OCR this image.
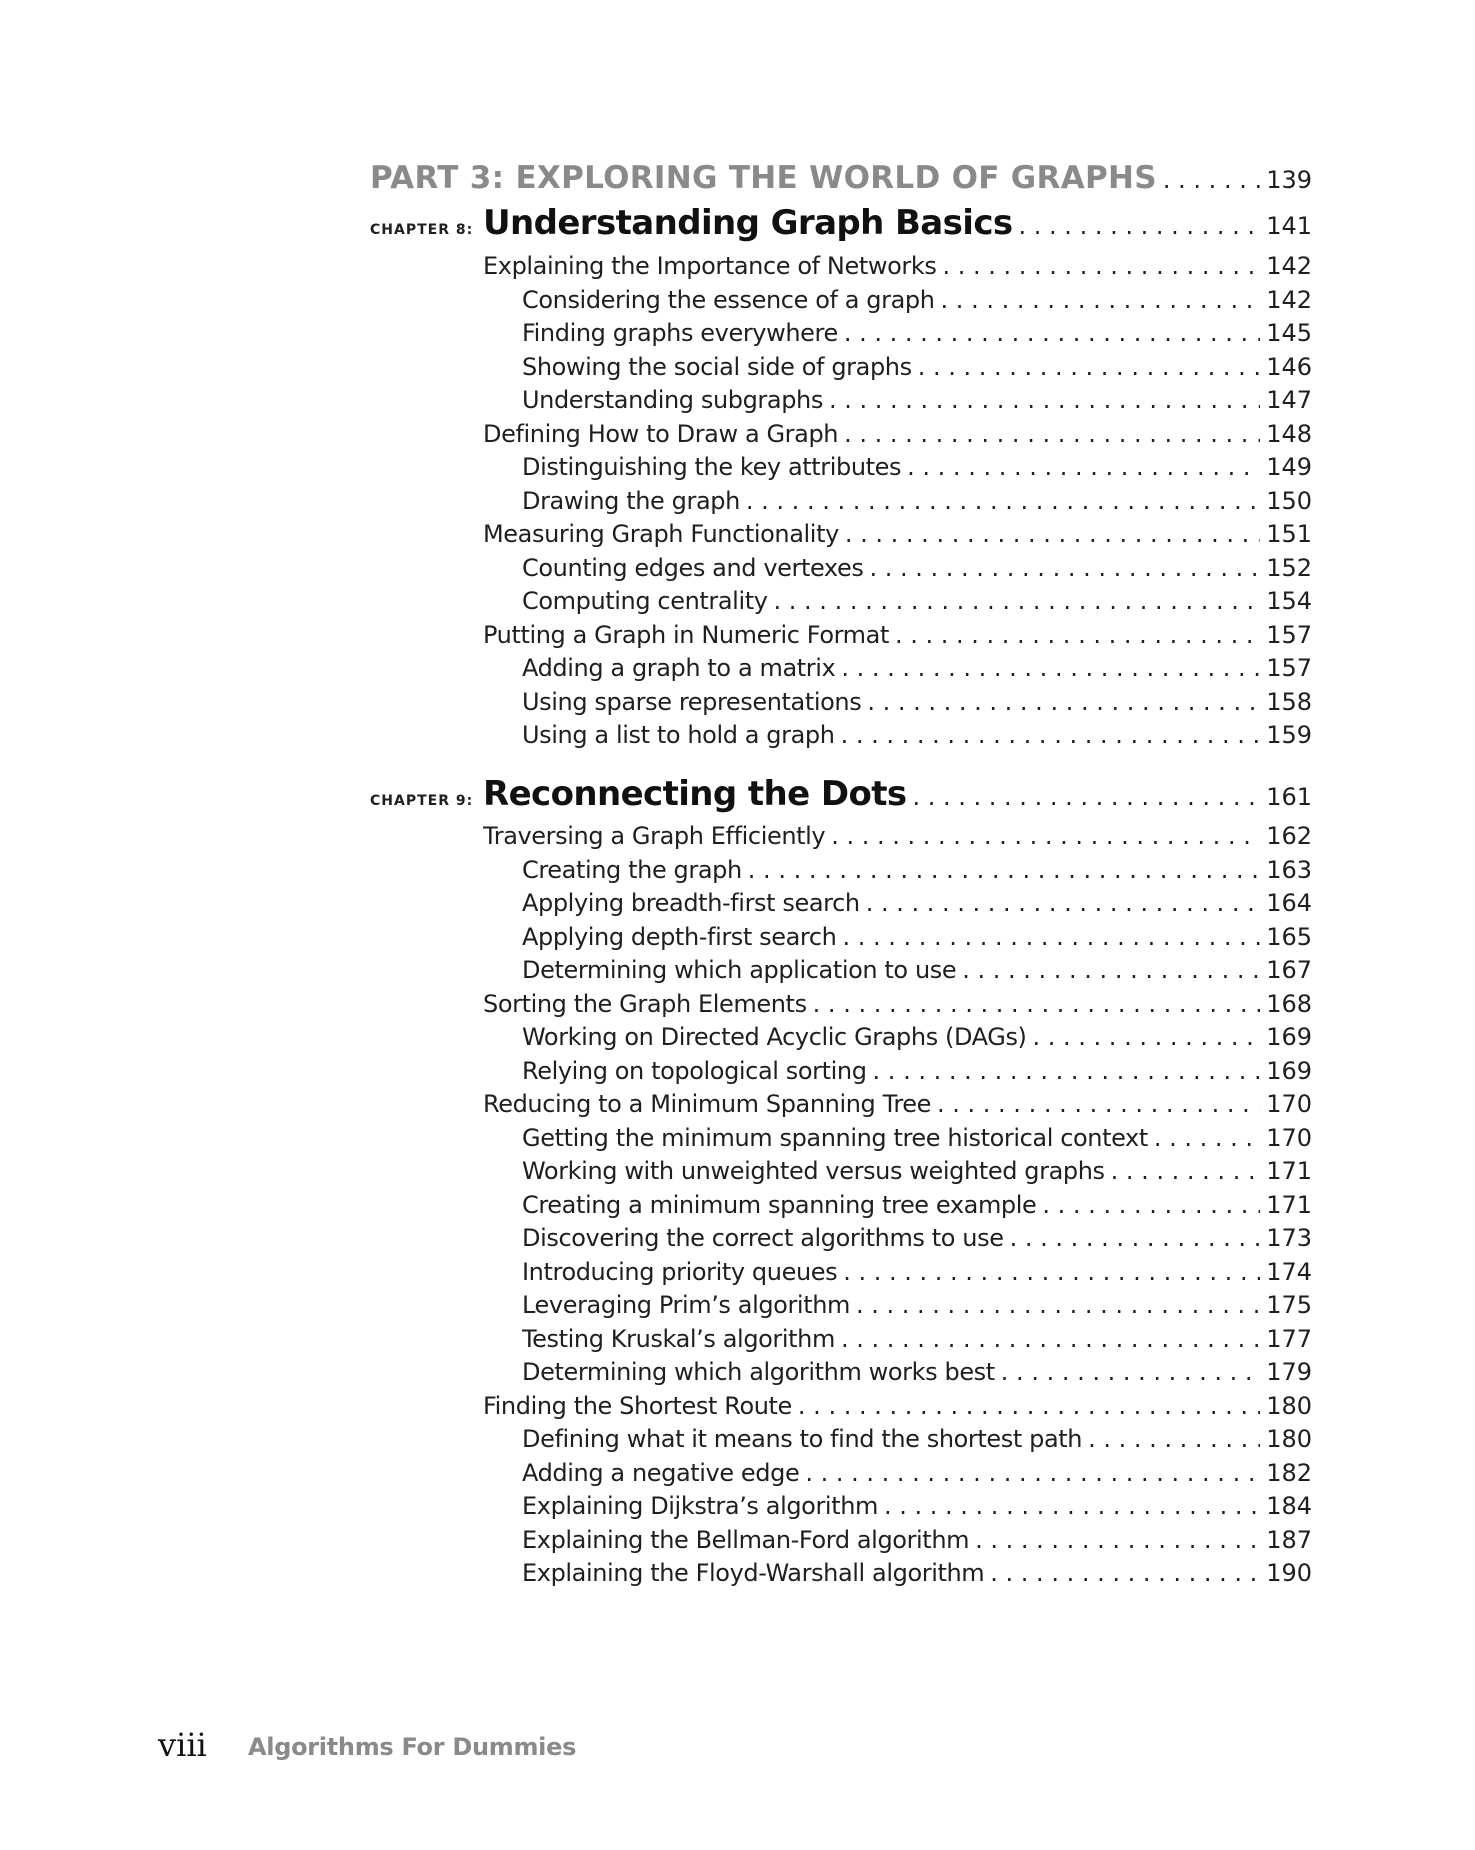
PART 3: EXPLORING THE WORLD OF GRAPHS . . .	139
CHAPTER 8: Understanding Graph Basics . . .	141
Explaining the Importance of Networks . . .	142
Considering the essence of a graph . . .	142
Finding graphs everywhere . . .	145
Showing the social side of graphs . . .	146
Understanding subgraphs . . .	147
Defining How to Draw a Graph . . .	148
Distinguishing the key attributes . . .	149
Drawing the graph . . .	150
Measuring Graph Functionality . . .	151
Counting edges and vertexes . . .	152
Computing centrality . . .	154
Putting a Graph in Numeric Format . . .	157
Adding a graph to a matrix . . .	157
Using sparse representations . . .	158
Using a list to hold a graph . . .	159
CHAPTER 9: Reconnecting the Dots . . .	161
Traversing a Graph Efficiently . . .	162
Creating the graph . . .	163
Applying breadth-first search . . .	164
Applying depth-first search . . .	165
Determining which application to use . . .	167
Sorting the Graph Elements . . .	168
Working on Directed Acyclic Graphs (DAGs) . . .	169
Relying on topological sorting . . .	169
Reducing to a Minimum Spanning Tree . . .	170
Getting the minimum spanning tree historical context . . .	170
Working with unweighted versus weighted graphs . . .	171
Creating a minimum spanning tree example . . .	171
Discovering the correct algorithms to use . . .	173
Introducing priority queues . . .	174
Leveraging Prim’s algorithm . . .	175
Testing Kruskal’s algorithm . . .	177
Determining which algorithm works best . . .	179
Finding the Shortest Route . . .	180
Defining what it means to find the shortest path . . .	180
Adding a negative edge . . .	182
Explaining Dijkstra’s algorithm . . .	184
Explaining the Bellman-Ford algorithm . . .	187
Explaining the Floyd-Warshall algorithm . . .	190
viii Algorithms For Dummies
